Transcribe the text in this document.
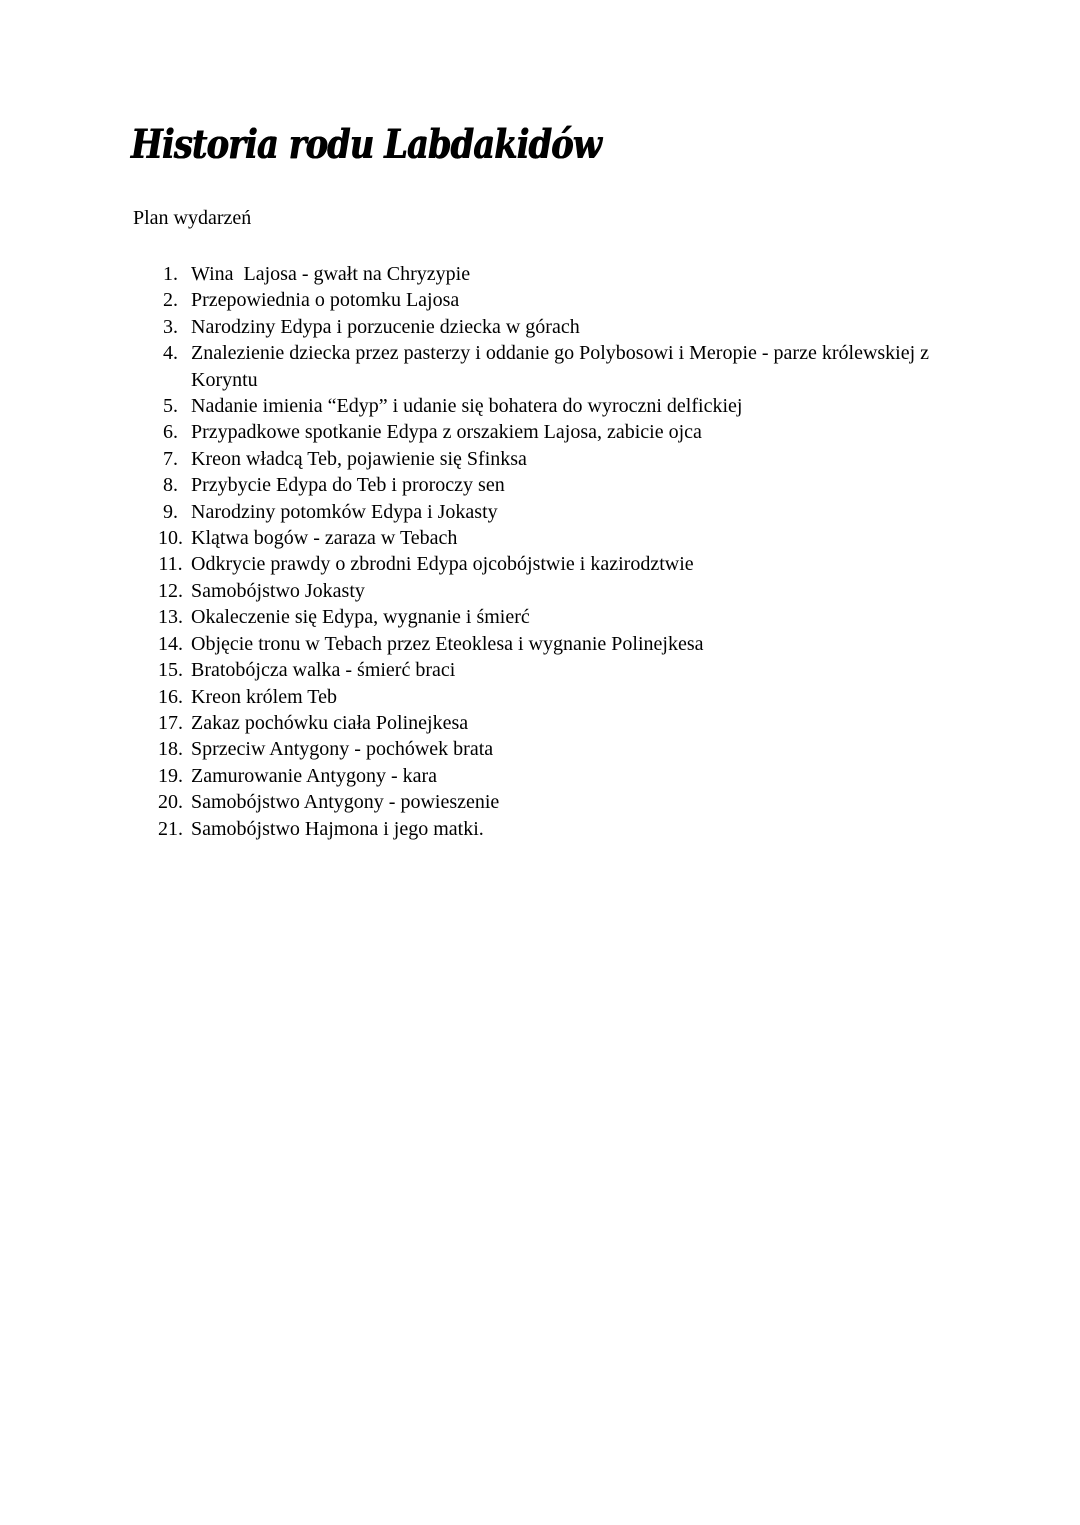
Historia rodu Labdakidów

Plan wydarzeń

1. Wina  Lajosa - gwałt na Chryzypie
2. Przepowiednia o potomku Lajosa
3. Narodziny Edypa i porzucenie dziecka w górach
4. Znalezienie dziecka przez pasterzy i oddanie go Polybosowi i Meropie - parze królewskiej z Koryntu
5. Nadanie imienia “Edyp” i udanie się bohatera do wyroczni delfickiej
6. Przypadkowe spotkanie Edypa z orszakiem Lajosa, zabicie ojca
7. Kreon władcą Teb, pojawienie się Sfinksa
8. Przybycie Edypa do Teb i proroczy sen
9. Narodziny potomków Edypa i Jokasty
10. Klątwa bogów - zaraza w Tebach
11. Odkrycie prawdy o zbrodni Edypa ojcobójstwie i kazirodztwie
12. Samobójstwo Jokasty
13. Okaleczenie się Edypa, wygnanie i śmierć
14. Objęcie tronu w Tebach przez Eteoklesa i wygnanie Polinejkesa
15. Bratobójcza walka - śmierć braci
16. Kreon królem Teb
17. Zakaz pochówku ciała Polinejkesa
18. Sprzeciw Antygony - pochówek brata
19. Zamurowanie Antygony - kara
20. Samobójstwo Antygony - powieszenie
21. Samobójstwo Hajmona i jego matki.
